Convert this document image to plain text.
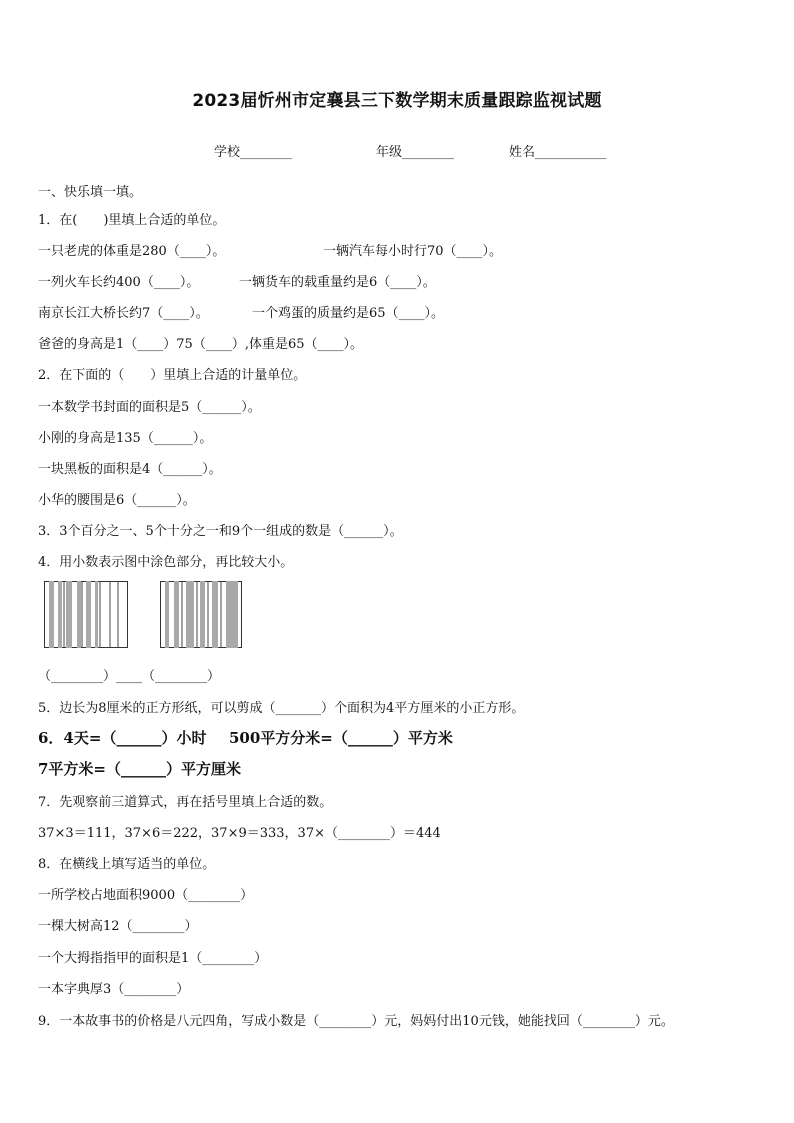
2023届忻州市定襄县三下数学期末质量跟踪监视试题
学校________	年级________	姓名___________
一、快乐填一填。
1．在(　　)里填上合适的单位。
一只老虎的体重是280（____）。	一辆汽车每小时行70（____）。
一列火车长约400（____）。	一辆货车的载重量约是6（____）。
南京长江大桥长约7（____）。	一个鸡蛋的质量约是65（____）。
爸爸的身高是1（____）75（____）,体重是65（____）。
2．在下面的（　　）里填上合适的计量单位。
一本数学书封面的面积是5（______）。
小刚的身高是135（______）。
一块黑板的面积是4（______）。
小华的腰围是6（______）。
3．3个百分之一、5个十分之一和9个一组成的数是（______）。
4．用小数表示图中涂色部分，再比较大小。
（________）____（________）
5．边长为8厘米的正方形纸，可以剪成（_______）个面积为4平方厘米的小正方形。
6．4天=（______）小时 500平方分米=（______）平方米
7平方米=（______）平方厘米
7．先观察前三道算式，再在括号里填上合适的数。
37×3＝111，37×6＝222，37×9＝333，37×（________）＝444
8．在横线上填写适当的单位。
一所学校占地面积9000（________）
一棵大树高12（________）
一个大拇指指甲的面积是1（________）
一本字典厚3（________）
9．一本故事书的价格是八元四角，写成小数是（________）元，妈妈付出10元钱，她能找回（________）元。
